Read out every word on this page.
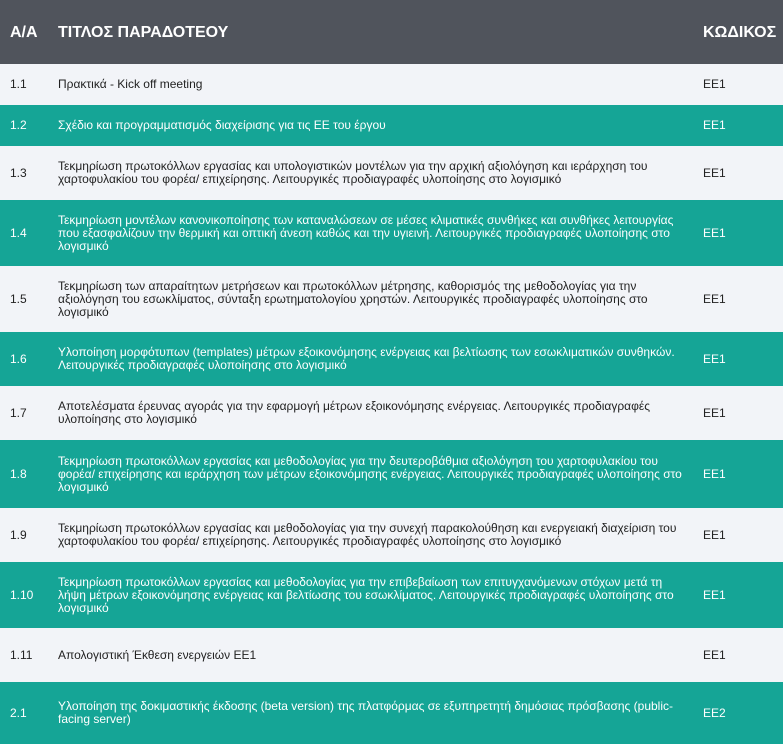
Α/Α	ΤΙΤΛΟΣ ΠΑΡΑΔΟΤΕΟΥ	ΚΩΔΙΚΟΣ
1.1	Πρακτικά - Kick off meeting	ΕΕ1
1.2	Σχέδιο και προγραμματισμός διαχείρισης για τις ΕΕ του έργου	ΕΕ1
1.3	Τεκμηρίωση πρωτοκόλλων εργασίας και υπολογιστικών μοντέλων για την αρχική αξιολόγηση και ιεράρχηση του χαρτοφυλακίου του φορέα/ επιχείρησης. Λειτουργικές προδιαγραφές υλοποίησης στο λογισμικό	ΕΕ1
1.4	Τεκμηρίωση μοντέλων κανονικοποίησης των καταναλώσεων σε μέσες κλιματικές συνθήκες και συνθήκες λειτουργίας που εξασφαλίζουν την θερμική και οπτική άνεση καθώς και την υγιεινή. Λειτουργικές προδιαγραφές υλοποίησης στο λογισμικό	ΕΕ1
1.5	Τεκμηρίωση των απαραίτητων μετρήσεων και πρωτοκόλλων μέτρησης, καθορισμός της μεθοδολογίας για την αξιολόγηση του εσωκλίματος, σύνταξη ερωτηματολογίου χρηστών. Λειτουργικές προδιαγραφές υλοποίησης στο λογισμικό	ΕΕ1
1.6	Υλοποίηση μορφότυπων (templates) μέτρων εξοικονόμησης ενέργειας και βελτίωσης των εσωκλιματικών συνθηκών. Λειτουργικές προδιαγραφές υλοποίησης στο λογισμικό	ΕΕ1
1.7	Αποτελέσματα έρευνας αγοράς για την εφαρμογή μέτρων εξοικονόμησης ενέργειας. Λειτουργικές προδιαγραφές υλοποίησης στο λογισμικό	ΕΕ1
1.8	Τεκμηρίωση πρωτοκόλλων εργασίας και μεθοδολογίας για την δευτεροβάθμια αξιολόγηση του χαρτοφυλακίου του φορέα/ επιχείρησης και ιεράρχηση των μέτρων εξοικονόμησης ενέργειας. Λειτουργικές προδιαγραφές υλοποίησης στο λογισμικό	ΕΕ1
1.9	Τεκμηρίωση πρωτοκόλλων εργασίας και μεθοδολογίας για την συνεχή παρακολούθηση και ενεργειακή διαχείριση του χαρτοφυλακίου του φορέα/ επιχείρησης. Λειτουργικές προδιαγραφές υλοποίησης στο λογισμικό	ΕΕ1
1.10	Τεκμηρίωση πρωτοκόλλων εργασίας και μεθοδολογίας για την επιβεβαίωση των επιτυγχανόμενων στόχων μετά τη λήψη μέτρων εξοικονόμησης ενέργειας και βελτίωσης του εσωκλίματος. Λειτουργικές προδιαγραφές υλοποίησης στο λογισμικό	ΕΕ1
1.11	Απολογιστική Έκθεση ενεργειών ΕΕ1	ΕΕ1
2.1	Υλοποίηση της δοκιμαστικής έκδοσης (beta version) της πλατφόρμας σε εξυπηρετητή δημόσιας πρόσβασης (public-facing server)	ΕΕ2
